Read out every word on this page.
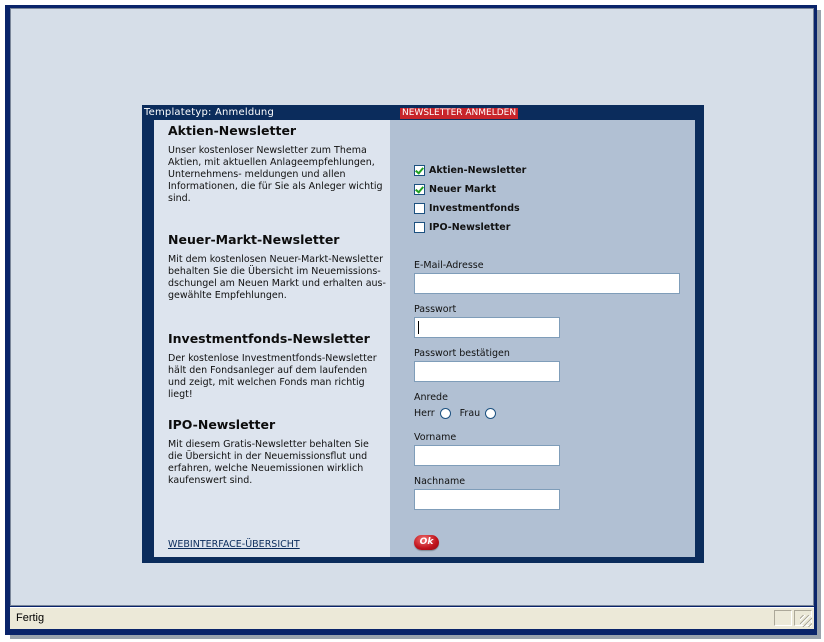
Templatetyp: Anmeldung	NEWSLETTER ANMELDEN
Aktien-Newsletter
Unser kostenloser Newsletter zum Thema Aktien, mit aktuellen Anlageempfehlungen, Unternehmens- meldungen und allen Informationen, die für Sie als Anleger wichtig sind.
Neuer-Markt-Newsletter
Mit dem kostenlosen Neuer-Markt-Newsletter behalten Sie die Übersicht im Neuemissions- dschungel am Neuen Markt und erhalten aus- gewählte Empfehlungen.
Investmentfonds-Newsletter
Der kostenlose Investmentfonds-Newsletter hält den Fondsanleger auf dem laufenden und zeigt, mit welchen Fonds man richtig liegt!
IPO-Newsletter
Mit diesem Gratis-Newsletter behalten Sie die Übersicht in der Neuemissionsflut und erfahren, welche Neuemissionen wirklich kaufenswert sind.
WEBINTERFACE-ÜBERSICHT
Aktien-Newsletter
Neuer Markt
Investmentfonds
IPO-Newsletter
E-Mail-Adresse
Passwort
Passwort bestätigen
Anrede
Herr	Frau
Vorname
Nachname
Ok
Fertig
